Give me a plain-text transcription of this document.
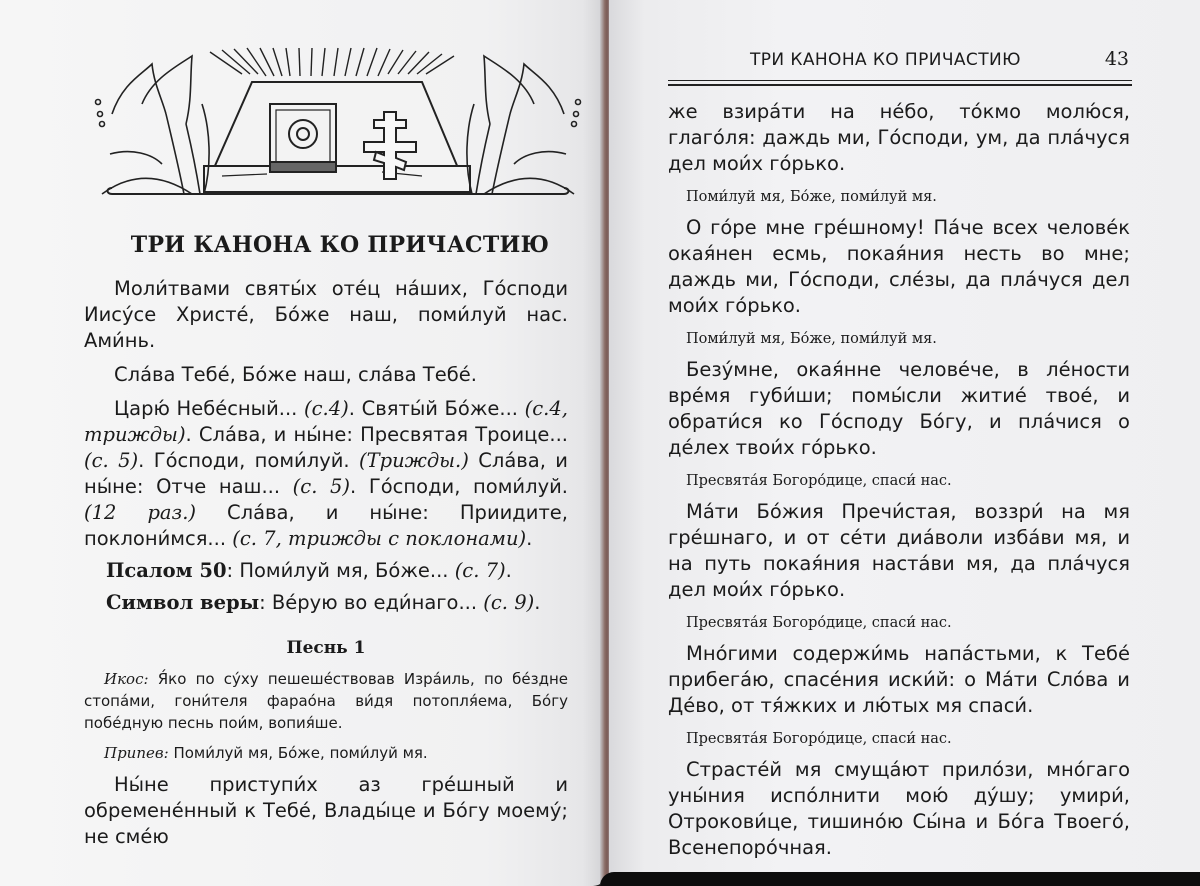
ТРИ КАНОНА КО ПРИЧАСТИЮ

Моли́твами святы́х оте́ц на́ших, Го́споди Иису́се Христе́, Бо́же наш, поми́луй нас. Ами́нь.

Сла́ва Тебе́, Бо́же наш, сла́ва Тебе́.

Царю́ Небе́сный... (с.4). Святы́й Бо́же... (с.4, трижды). Сла́ва, и ны́не: Пресвятая Троице... (с. 5). Го́споди, поми́луй. (Трижды.) Сла́ва, и ны́не: Отче наш... (с. 5). Го́споди, поми́луй. (12 раз.) Сла́ва, и ны́не: Приидите, поклони́мся... (с. 7, трижды с поклонами).

Псалом 50: Поми́луй мя, Бо́же... (с. 7).

Символ веры: Ве́рую во еди́наго... (с. 9).

Песнь 1

Икос: Я́ко по су́ху пешеше́ствовав Изра́иль, по бе́здне стопа́ми, гони́теля фарао́на ви́дя потопля́ема, Бо́гу побе́дную песнь пои́м, вопия́ше.

Припев: Поми́луй мя, Бо́же, поми́луй мя.

Ны́не приступи́х аз гре́шный и обремене́нный к Тебе́, Влады́це и Бо́гу моему́; не сме́ю

ТРИ КАНОНА КО ПРИЧАСТИЮ	43

же взира́ти на не́бо, то́кмо молю́ся, глаго́ля: даждь ми, Го́споди, ум, да пла́чуся дел мои́х го́рько.

Поми́луй мя, Бо́же, поми́луй мя.

О го́ре мне гре́шному! Па́че всех челове́к окая́нен есмь, покая́ния несть во мне; даждь ми, Го́споди, сле́зы, да пла́чуся дел мои́х го́рько.

Поми́луй мя, Бо́же, поми́луй мя.

Безу́мне, окая́нне челове́че, в ле́ности вре́мя губи́ши; помы́сли житие́ твое́, и обрати́ся ко Го́споду Бо́гу, и пла́чися о де́лех твои́х го́рько.

Пресвята́я Богоро́дице, спаси́ нас.

Ма́ти Бо́жия Пречи́стая, воззри́ на мя гре́шнаго, и от се́ти диа́воли изба́ви мя, и на путь покая́ния наста́ви мя, да пла́чуся дел мои́х го́рько.

Пресвята́я Богоро́дице, спаси́ нас.

Мно́гими содержи́мь напа́стьми, к Тебе́ прибега́ю, спасе́ния иски́й: о Ма́ти Сло́ва и Де́во, от тя́жких и лю́тых мя спаси́.

Пресвята́я Богоро́дице, спаси́ нас.

Страсте́й мя смуща́ют прило́зи, мно́гаго уны́ния испо́лнити мою́ ду́шу; умири́, Отрокови́це, тишино́ю Сы́на и Бо́га Твоего́, Всенепоро́чная.
